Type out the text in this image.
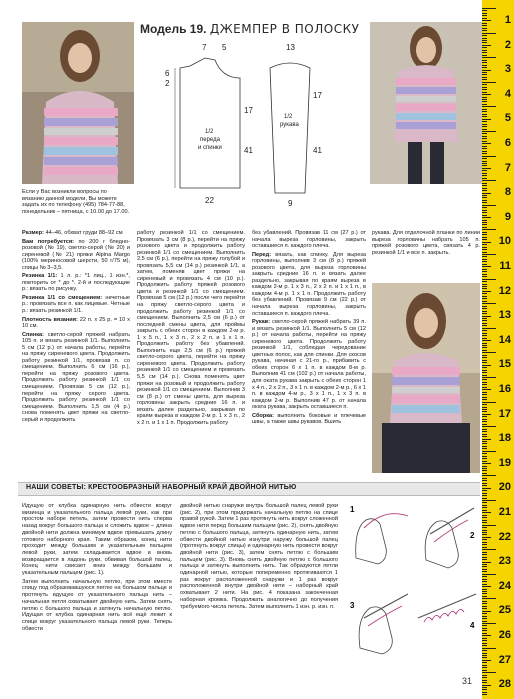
Модель 19. ДЖЕМПЕР В ПОЛОСКУ
6
2
7 5
17
41
22
1/2
переда
и спинки
13
17
41
9
1/2
рукава
Если у Вас возникли вопросы по вязанию данной модели, Вы можете задать их по телефону (495) 784-77-88, понедельник – пятница, с 10.00 до 17.00.

Размер: 44–46, обхват груди 88–92 см

Вам потребуется: по 200 г бледно-розовой (№ 19), светло-серой (№ 20) и сиреневой (№ 21) пряжи Alpina Margo (100% мериносовой шерсти, 50 г/75 м), спицы № 3–3,5.

Резинка 1/1: 1 л. р.: *1 лиц., 1 изн.*, повторить от * до *. 2-й и последующие р.: вязать по рисунку.

Резинка 1/1 со смещением: нечетные р.: провязать все п. как лицевые. Четные р.: вязать резинкой 1/1.

Плотность вязания: 22 п. х 25 р. = 10 х 10 см.

Спинка: светло-серой пряжей набрать 105 п. и вязать резинкой 1/1. Выполнить 5 см (12 р.) от начала работы, перейти на пряжу сиреневого цвета. Продолжить работу резинкой 1/1, провязав п. со смещением. Выполнить 6 см (16 р.), перейти на пряжу розового цвета. Продолжить работу резинкой 1/1 со смещением. Провязав 5 см (12 р.), перейти на пряжу серого цвета. Продолжить работу резинкой 1/1 со смещением. Выполнить 1,5 см (4 р.) снова поменять цвет пряжи на светло-серый и продолжить

работу резинкой 1/1 со смещением. Провязать 3 см (8 р.), перейти на пряжу розового цвета и продолжить работу резинкой 1/1 со смещением. Выполнить 2,5 см (6 р.), перейти на пряжу голубой и провязать 5,5 см (14 р.) резинкой 1/1, а затем, поменяв цвет пряжи на сиреневый и провязать 4 см (10 р.). Продолжить работу пряжей розового цвета и резинкой 1/1 со смещением. Провязав 5 см (12 р.) после чего перейти на пряжу светло-серого цвета и продолжить работу резинкой 1/1 со смещением. Выполнить 2,5 см (6 р.) от последней смены цвета, для проймы закрыть с обеих сторон в каждом 2-м р. 1 х 5 п., 1 х 3 п., 2 х 2 п. и 1 х 1 п. Продолжить работу без убавлений. Выполнить еще 2,5 см (6 р.) пряжей светло-серого цвета, перейти на пряжу сиреневого цвета. Продолжить работу резинкой 1/1 со смещением и провязать 5,5 см (14 р.). Снова поменять цвет пряжи на розовый и продолжить работу резинкой 1/1 со смещением. Выполнив 3 см (8 р.) от смены цвета, для выреза горловины закрыть средние 16 п. и вязать далее раздельно, закрывая по краям выреза в каждом 2-м р. 1 х 3 п., 2 х 2 п. и 1 х 1 п. Продолжить работу

без убавлений. Провязав 11 см (27 р.) от начала выреза горловины, закрыть оставшиеся п. каждого плеча.

Перед: вязать, как спинку. Для выреза горловины, выполнив 3 см (8 р.) пряжей розового цвета, для выреза горловины закрыть средние 16 п. и вязать далее раздельно, закрывая по краям выреза в каждом 2-м р. 1 х 3 п., 2 х 2 п. и 1 х 1 п., в каждом 4-м р. 1 х 1 п. Продолжить работу без убавлений. Провязав 9 см (22 р.) от начала выреза горловины, закрыть оставшиеся п. каждого плеча.

Рукав: светло-серой пряжей набрать 39 п. и вязать резинкой 1/1. Выполнить 5 см (12 р.) от начала работы, перейти на пряжу сиреневого цвета. Продолжить работу резинкой 1/1, соблюдая чередование цветных полос, как для спинки. Для скосов рукава, начиная с 21-го р., прибавить с обеих сторон 6 х 1 п. в каждом 8-м р. Выполнив 41 см (102 р.) от начала работы, для оката рукава закрыть с обеих сторон 1 х 4 п., 2 х 2 п., 3 х 1 п. в каждом 2-м р., 6 х 1 п. в каждом 4-м р., 3 х 1 п., 1 х 3 п. в каждом 2-м р. Выполнив 47 р. от начала оката рукава, закрыть оставшиеся п.

Сборка: выполнить боковые и плечевые швы, а также швы рукавов. Вшить

рукава. Для отделочной планки по линии выреза горловины набрать 105 п. пряжей розового цвета, связать 4 р. резинкой 1/1 и все п. закрыть.

НАШИ СОВЕТЫ: КРЕСТООБРАЗНЫЙ НАБОРНЫЙ КРАЙ ДВОЙНОЙ НИТЬЮ

Идущую от клубка одинарную нить обвести вокруг мизинца и указательного пальца левой руки, как при простом наборе петель, затем провести нить сперва назад вокруг большого пальца и сложить вдвое – длина двойной нити должна минимум вдвое превышать длину готового наборного края. Таким образом, конец нити проходит между большим и указательным пальцем левой руки, затем складывается вдвое и вновь возвращается в ладонь руки, обвивая большой палец. Конец нити свисает вниз между большим и указательным пальцем (рис. 1).

Затем выполнить начальную петлю, при этом вместе спицу под образовавшуюся петлю на большом пальце и протянуть идущую от указательного пальца нить – начальная петля охватывает двойную нить. Затем снять петлю с большого пальца и затянуть начальную петлю. Идущая от клубка одинарная нить всё ещё лежит к спице вокруг указательного пальца левой руки. Теперь обвести

двойной нитью снаружи внутрь большой палец левой руки (рис. 2), при этом придержать начальную петлю на спице правой рукой. Затем 1 раз протянуть нить вокруг сложенной вдвое нити перед большим пальцем (рис. 2), снять двойную петлю с большого пальца, затянуть одинарную нить, затем обвести двойной нитью изнутри наружу большой палец (протянуть вокруг спицы) и одинарную нить провести вокруг двойной нити (рис. 3), затем снять петлю с большим пальцем (рис. 3). Вновь снять двойную петлю с большого пальца и затянуть выполнить нить. Так образуются петли одинарной нитью, которые попеременно протягиваются 1 раз вокруг расположенной снаружи и 1 раз вокруг расположенной внутри двойной нити – наборный край охватывает 2 нити. На рис. 4 показана законченная наборная кромка. Продолжать аналогично до получения требуемого числа петель. Затем выполнить 1 изн. р. изн. п.

1
2
3
4
31
1
2
3
4
5
6
7
8
9
10
11
12
13
14
15
16
17
18
19
20
21
22
23
24
25
26
27
28
